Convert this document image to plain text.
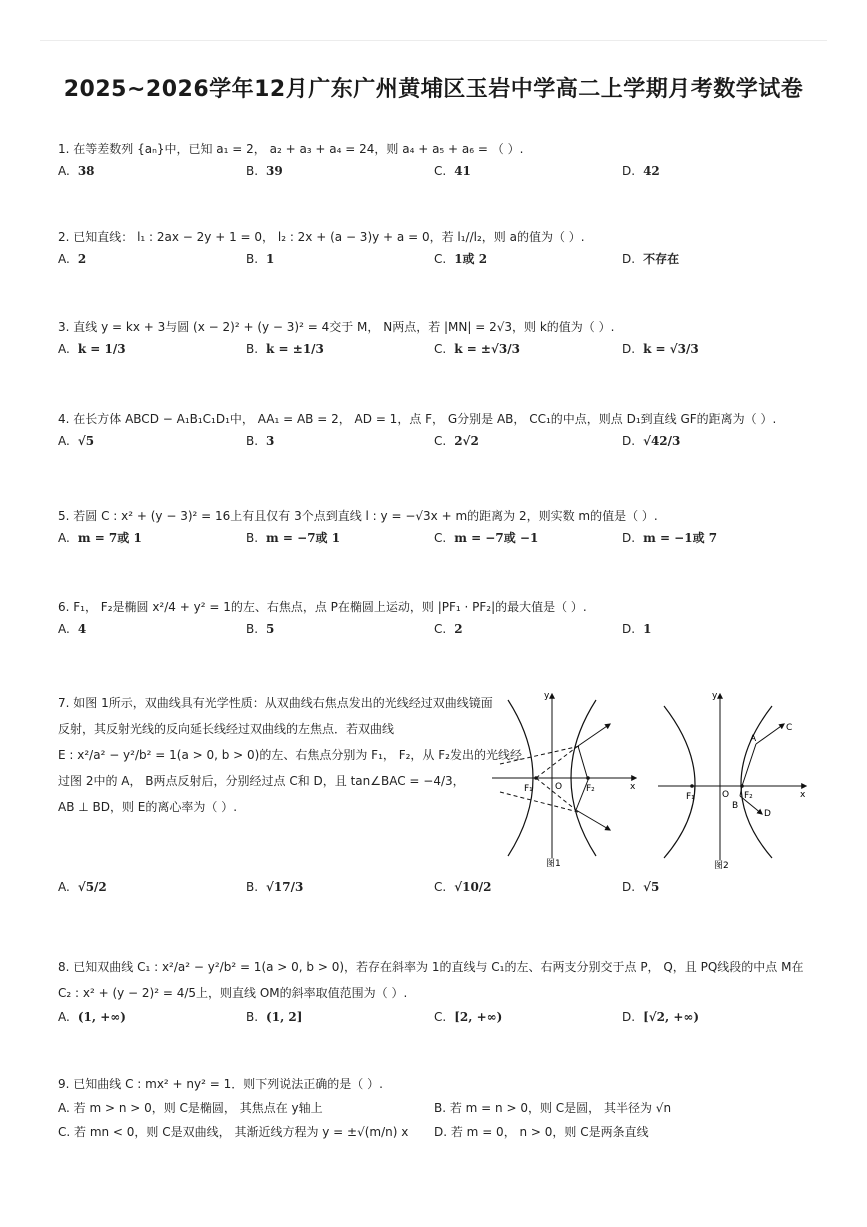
2025~2026学年12月广东广州黄埔区玉岩中学高二上学期月考数学试卷
1. 在等差数列 {aₙ}中，已知 a₁ = 2， a₂ + a₃ + a₄ = 24，则 a₄ + a₅ + a₆ = （ ）.
A. 38	B. 39	C. 41	D. 42
2. 已知直线： l₁ : 2ax − 2y + 1 = 0， l₂ : 2x + (a − 3)y + a = 0，若 l₁//l₂，则 a的值为（ ）.
A. 2	B. 1	C. 1或 2	D. 不存在
3. 直线 y = kx + 3与圆 (x − 2)² + (y − 3)² = 4交于 M， N两点，若 |MN| = 2√3，则 k的值为（ ）.
A. k = 1/3	B. k = ±1/3	C. k = ±√3/3	D. k = √3/3
4. 在长方体 ABCD − A₁B₁C₁D₁中， AA₁ = AB = 2， AD = 1，点 F， G分别是 AB， CC₁的中点，则点 D₁到直线 GF的距离为（ ）.
A. √5	B. 3	C. 2√2	D. √42/3
5. 若圆 C : x² + (y − 3)² = 16上有且仅有 3个点到直线 l : y = −√3x + m的距离为 2，则实数 m的值是（ ）.
A. m = 7或 1	B. m = −7或 1	C. m = −7或 −1	D. m = −1或 7
6. F₁， F₂是椭圆 x²/4 + y² = 1的左、右焦点，点 P在椭圆上运动，则 |PF₁ · PF₂|的最大值是（ ）.
A. 4	B. 5	C. 2	D. 1
7. 如图 1所示，双曲线具有光学性质：从双曲线右焦点发出的光线经过双曲线镜面
反射，其反射光线的反向延长线经过双曲线的左焦点．若双曲线
E : x²/a² − y²/b² = 1(a > 0, b > 0)的左、右焦点分别为 F₁， F₂，从 F₂发出的光线经
过图 2中的 A， B两点反射后，分别经过点 C和 D，且 tan∠BAC = −4/3，
AB ⊥ BD，则 E的离心率为（ ）.
y
x
O
F₁	F₂
图1
y
x
O
F₁	F₂
A
B
C
D
图2
A. √5/2	B. √17/3	C. √10/2	D. √5
8. 已知双曲线 C₁ : x²/a² − y²/b² = 1(a > 0, b > 0)，若存在斜率为 1的直线与 C₁的左、右两支分别交于点 P， Q，且 PQ线段的中点 M在
C₂ : x² + (y − 2)² = 4/5上，则直线 OM的斜率取值范围为（ ）.
A. (1, +∞)	B. (1, 2]	C. [2, +∞)	D. [√2, +∞)
9. 已知曲线 C : mx² + ny² = 1．则下列说法正确的是（ ）.
A. 若 m > n > 0，则 C是椭圆， 其焦点在 y轴上	B. 若 m = n > 0，则 C是圆， 其半径为 √n
C. 若 mn < 0，则 C是双曲线， 其渐近线方程为 y = ±√(m/n) x D. 若 m = 0， n > 0，则 C是两条直线
